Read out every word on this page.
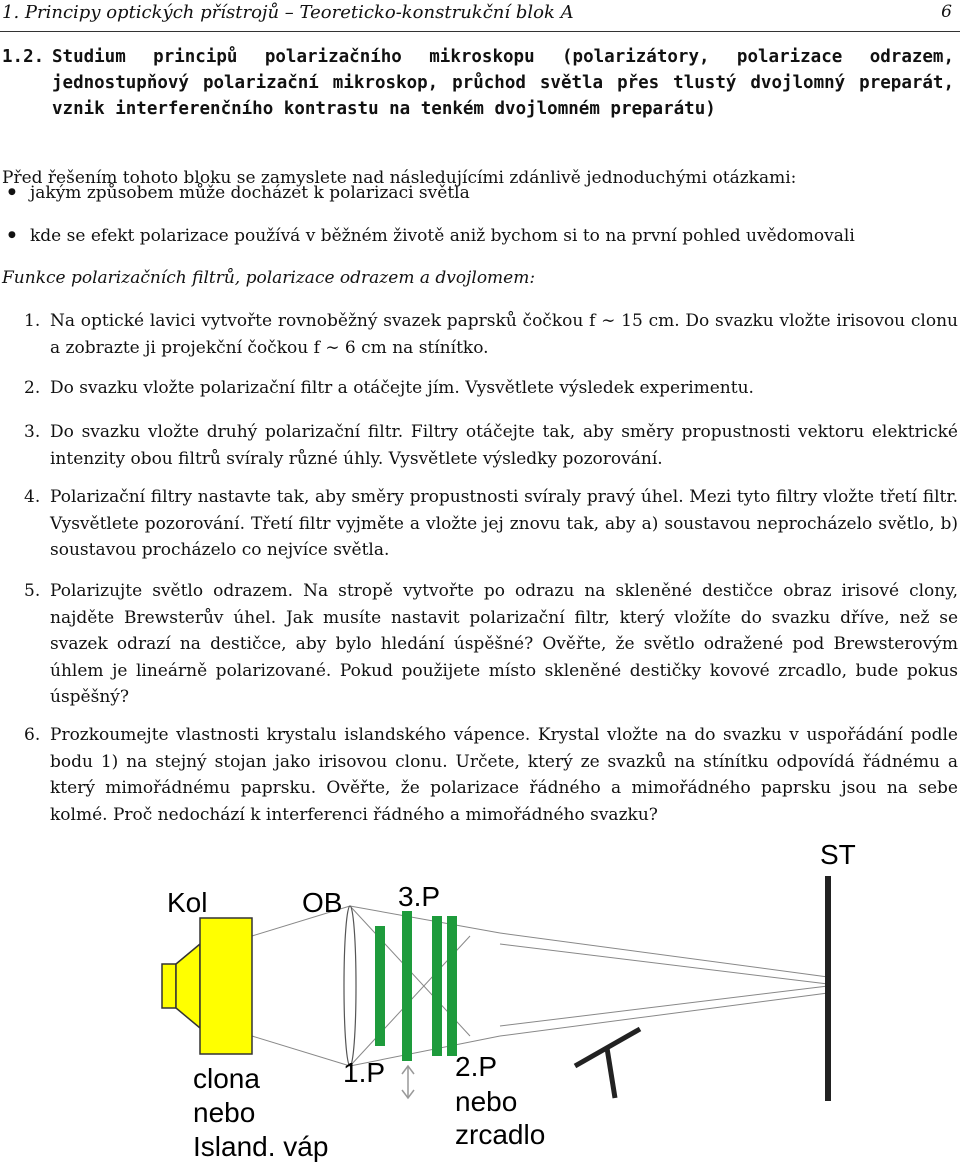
1. Principy optických přístrojů – Teoreticko-konstrukční blok A	6
1.2. Studium principů polarizačního mikroskopu (polarizátory, polarizace odrazem, jednostupňový polarizační mikroskop, průchod světla přes tlustý dvojlomný preparát, vznik interferenčního kontrastu na tenkém dvojlomném preparátu)
Před řešením tohoto bloku se zamyslete nad následujícími zdánlivě jednoduchými otázkami:
● jakým způsobem může docházet k polarizaci světla
● kde se efekt polarizace používá v běžném životě aniž bychom si to na první pohled uvědomovali
Funkce polarizačních filtrů, polarizace odrazem a dvojlomem:
1. Na optické lavici vytvořte rovnoběžný svazek paprsků čočkou f ∼ 15 cm. Do svazku vložte irisovou clonu a zobrazte ji projekční čočkou f ∼ 6 cm na stínítko.
2. Do svazku vložte polarizační filtr a otáčejte jím. Vysvětlete výsledek experimentu.
3. Do svazku vložte druhý polarizační filtr. Filtry otáčejte tak, aby směry propustnosti vektoru elektrické intenzity obou filtrů svíraly různé úhly. Vysvětlete výsledky pozorování.
4. Polarizační filtry nastavte tak, aby směry propustnosti svíraly pravý úhel. Mezi tyto filtry vložte třetí filtr. Vysvětlete pozorování. Třetí filtr vyjměte a vložte jej znovu tak, aby a) soustavou neprocházelo světlo, b) soustavou procházelo co nejvíce světla.
5. Polarizujte světlo odrazem. Na stropě vytvořte po odrazu na skleněné destičce obraz irisové clony, najděte Brewsterův úhel. Jak musíte nastavit polarizační filtr, který vložíte do svazku dříve, než se svazek odrazí na destičce, aby bylo hledání úspěšné? Ověřte, že světlo odražené pod Brewsterovým úhlem je lineárně polarizované. Pokud použijete místo skleněné destičky kovové zrcadlo, bude pokus úspěšný?
6. Prozkoumejte vlastnosti krystalu islandského vápence. Krystal vložte na do svazku v uspořádání podle bodu 1) na stejný stojan jako irisovou clonu. Určete, který ze svazků na stínítku odpovídá řádnému a který mimořádnému paprsku. Ověřte, že polarizace řádného a mimořádného paprsku jsou na sebe kolmé. Proč nedochází k interferenci řádného a mimořádného svazku?
Kol	OB 3.P
ST
1.P 2.P
nebo
zrcadlo
clona
nebo
Island. váp
